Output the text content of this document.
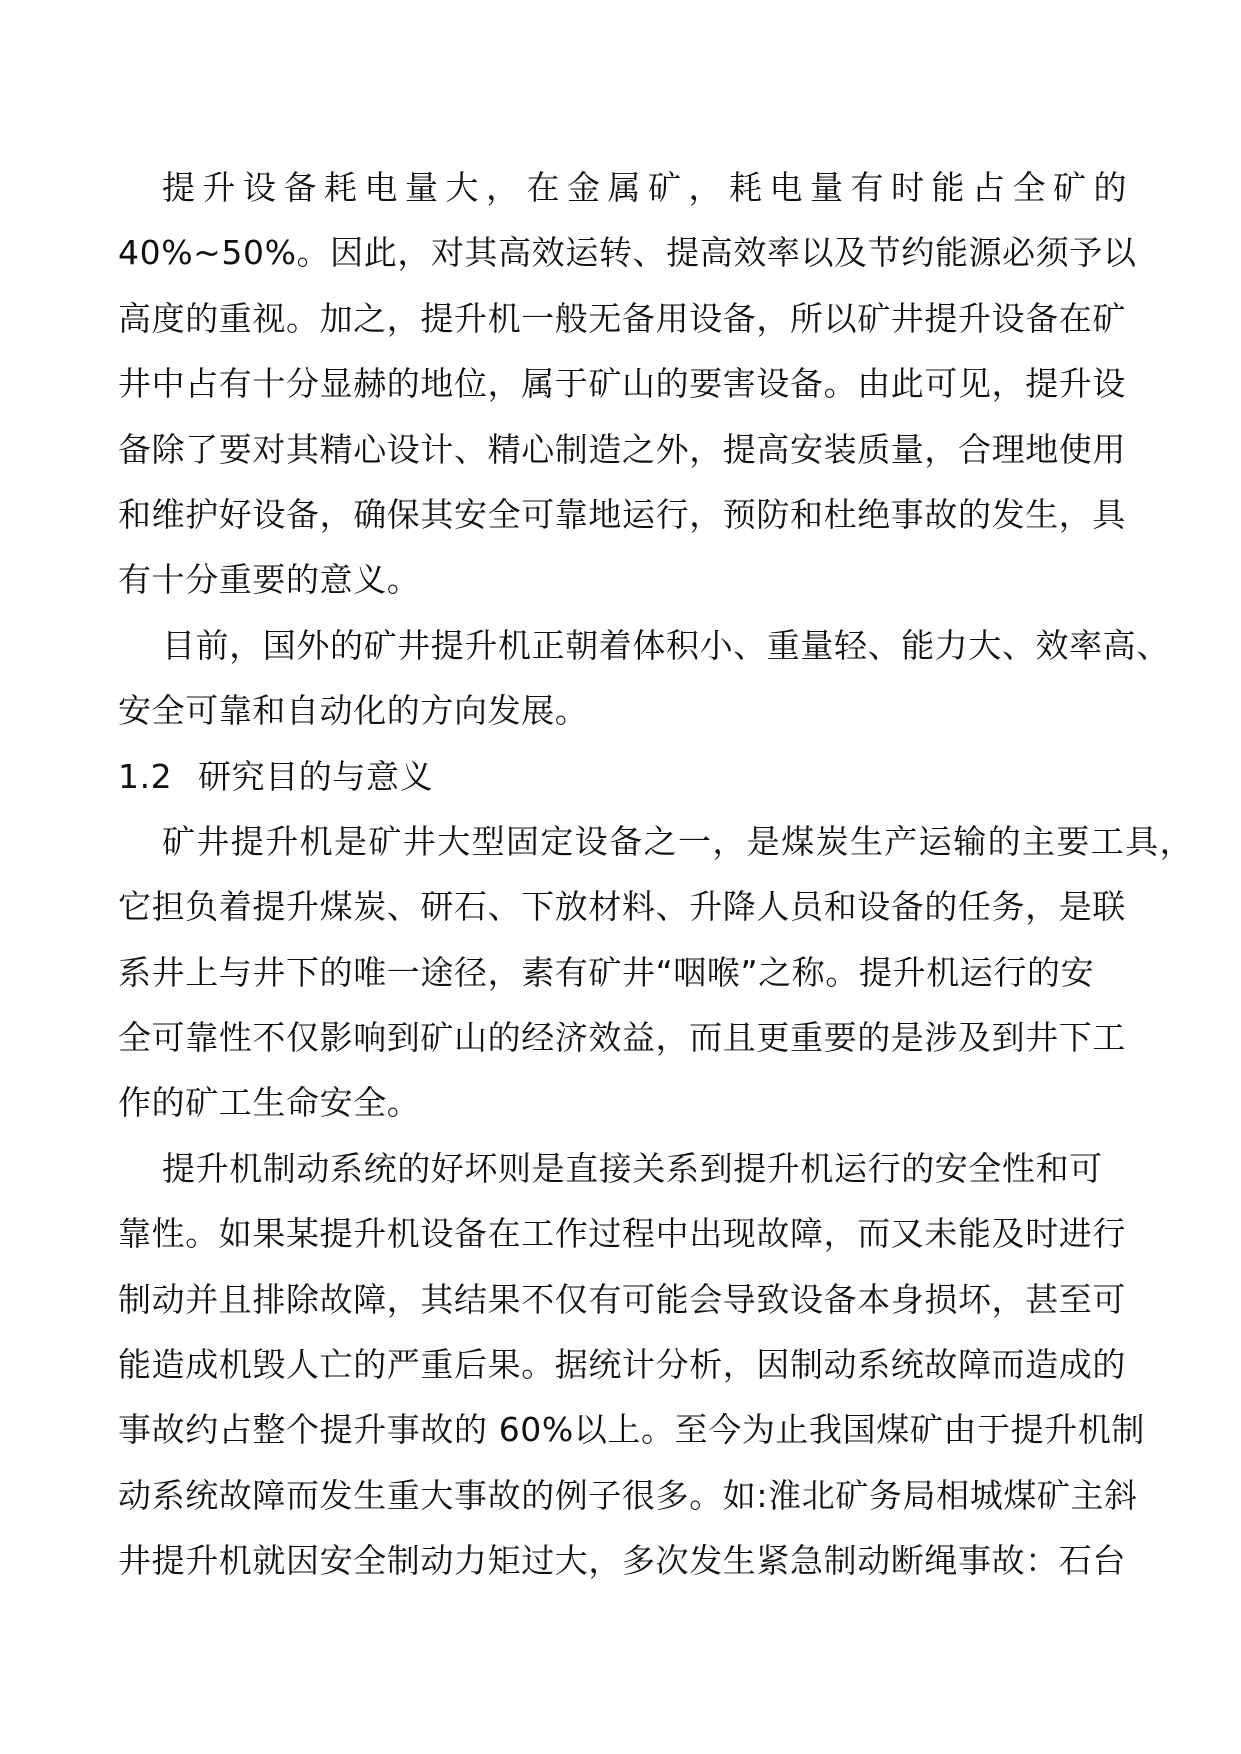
提升设备耗电量大，在金属矿，耗电量有时能占全矿的
40%~50%。因此，对其高效运转、提高效率以及节约能源必须予以
高度的重视。加之，提升机一般无备用设备，所以矿井提升设备在矿
井中占有十分显赫的地位，属于矿山的要害设备。由此可见，提升设
备除了要对其精心设计、精心制造之外，提高安装质量，合理地使用
和维护好设备，确保其安全可靠地运行，预防和杜绝事故的发生，具
有十分重要的意义。
目前，国外的矿井提升机正朝着体积小、重量轻、能力大、效率高、
安全可靠和自动化的方向发展。
1.2 研究目的与意义
矿井提升机是矿井大型固定设备之一，是煤炭生产运输的主要工具，
它担负着提升煤炭、研石、下放材料、升降人员和设备的任务，是联
系井上与井下的唯一途径，素有矿井“咽喉”之称。提升机运行的安
全可靠性不仅影响到矿山的经济效益，而且更重要的是涉及到井下工
作的矿工生命安全。
提升机制动系统的好坏则是直接关系到提升机运行的安全性和可
靠性。如果某提升机设备在工作过程中出现故障，而又未能及时进行
制动并且排除故障，其结果不仅有可能会导致设备本身损坏，甚至可
能造成机毁人亡的严重后果。据统计分析，因制动系统故障而造成的
事故约占整个提升事故的 60%以上。至今为止我国煤矿由于提升机制
动系统故障而发生重大事故的例子很多。如:淮北矿务局相城煤矿主斜
井提升机就因安全制动力矩过大，多次发生紧急制动断绳事故：石台
